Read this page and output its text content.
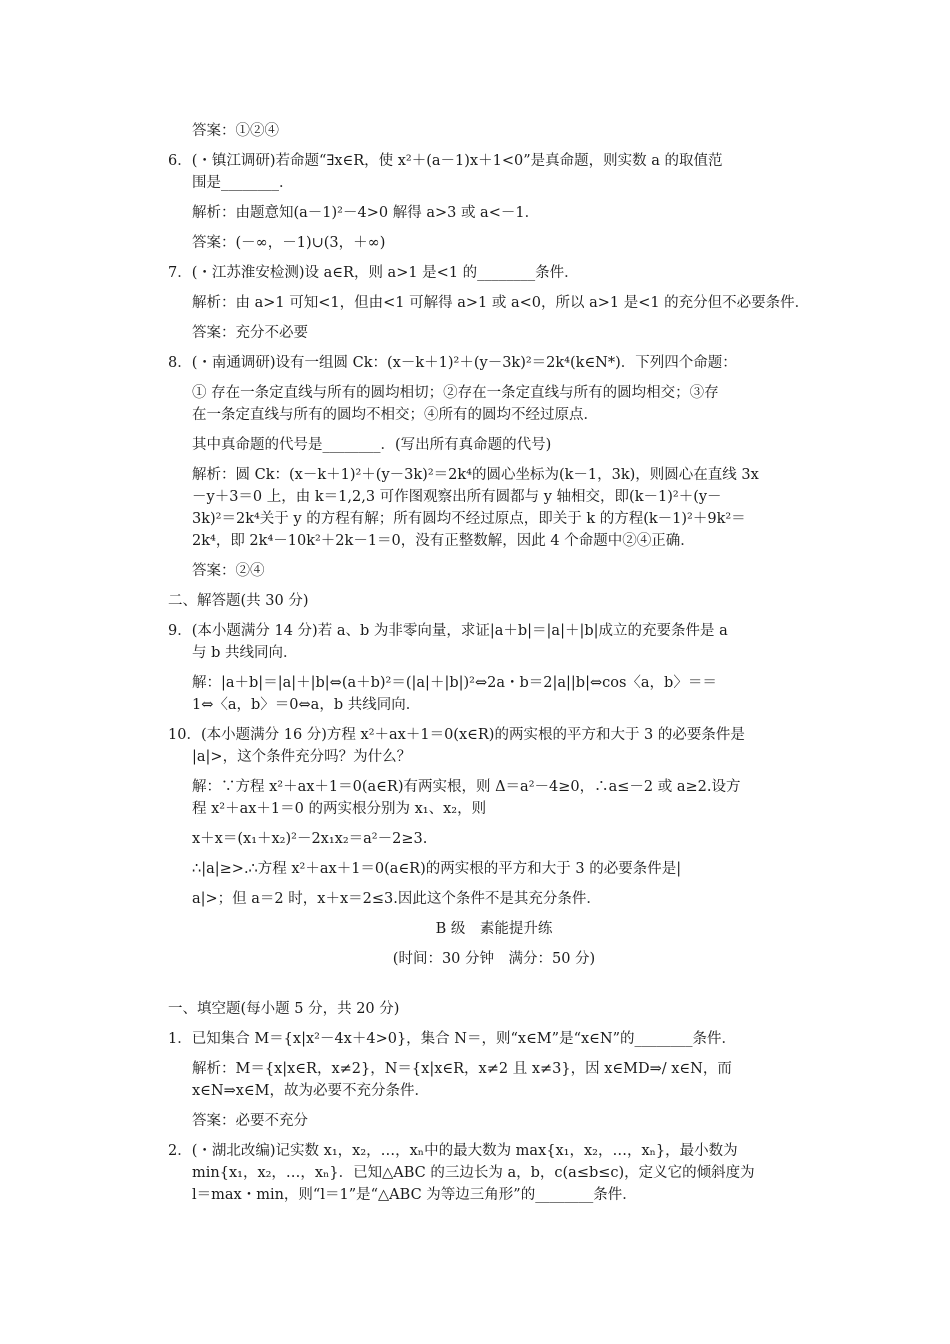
答案：①②④
6．(・镇江调研)若命题“∃x∈R，使 x²＋(a－1)x＋1<0”是真命题，则实数 a 的取值范
围是________．
解析：由题意知(a－1)²－4>0 解得 a>3 或 a<－1．
答案：(－∞，－1)∪(3，＋∞)
7．(・江苏淮安检测)设 a∈R，则 a>1 是<1 的________条件．
解析：由 a>1 可知<1，但由<1 可解得 a>1 或 a<0，所以 a>1 是<1 的充分但不必要条件．
答案：充分不必要
8．(・南通调研)设有一组圆 Ck：(x－k＋1)²＋(y－3k)²＝2k⁴(k∈N*)．下列四个命题：
① 存在一条定直线与所有的圆均相切；②存在一条定直线与所有的圆均相交；③存
在一条定直线与所有的圆均不相交；④所有的圆均不经过原点．
其中真命题的代号是________．(写出所有真命题的代号)
解析：圆 Ck：(x－k＋1)²＋(y－3k)²＝2k⁴的圆心坐标为(k－1，3k)，则圆心在直线 3x
－y＋3＝0 上，由 k＝1,2,3 可作图观察出所有圆都与 y 轴相交，即(k－1)²＋(y－
3k)²＝2k⁴关于 y 的方程有解；所有圆均不经过原点，即关于 k 的方程(k－1)²＋9k²＝
2k⁴，即 2k⁴－10k²＋2k－1＝0，没有正整数解，因此 4 个命题中②④正确．
答案：②④
二、解答题(共 30 分)
9．(本小题满分 14 分)若 a、b 为非零向量，求证|a＋b|＝|a|＋|b|成立的充要条件是 a
与 b 共线同向．
解：|a＋b|＝|a|＋|b|⇔(a＋b)²＝(|a|＋|b|)²⇔2a・b＝2|a||b|⇔cos〈a，b〉＝＝
1⇔〈a，b〉＝0⇔a，b 共线同向．
10．(本小题满分 16 分)方程 x²＋ax＋1＝0(x∈R)的两实根的平方和大于 3 的必要条件是
|a|>，这个条件充分吗？为什么？
解：∵方程 x²＋ax＋1＝0(a∈R)有两实根，则 Δ＝a²－4≥0，∴a≤－2 或 a≥2.设方
程 x²＋ax＋1＝0 的两实根分别为 x₁、x₂，则
x＋x＝(x₁＋x₂)²－2x₁x₂＝a²－2≥3.
∴|a|≥>.∴方程 x²＋ax＋1＝0(a∈R)的两实根的平方和大于 3 的必要条件是|
a|>；但 a＝2 时，x＋x＝2≤3.因此这个条件不是其充分条件．
B 级　素能提升练
(时间：30 分钟　满分：50 分)
一、填空题(每小题 5 分，共 20 分)
1．已知集合 M＝{x|x²－4x＋4>0}，集合 N＝，则“x∈M”是“x∈N”的________条件．
解析：M＝{x|x∈R，x≠2}，N＝{x|x∈R，x≠2 且 x≠3}，因 x∈MD⇒/ x∈N，而
x∈N⇒x∈M，故为必要不充分条件．
答案：必要不充分
2．(・湖北改编)记实数 x₁，x₂，…，xₙ中的最大数为 max{x₁，x₂，…，xₙ}，最小数为
min{x₁，x₂，…，xₙ}．已知△ABC 的三边长为 a，b，c(a≤b≤c)，定义它的倾斜度为
l＝max・min，则“l＝1”是“△ABC 为等边三角形”的________条件．
